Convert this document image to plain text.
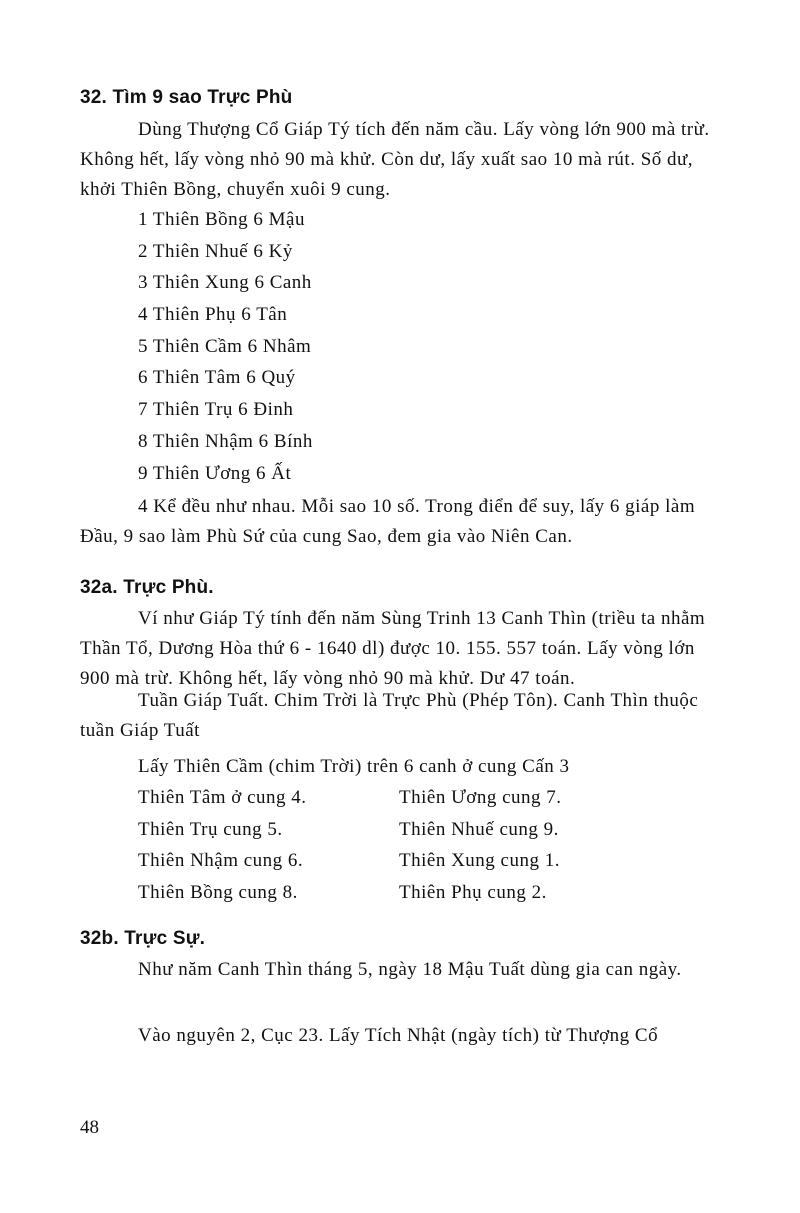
32. Tìm 9 sao Trực Phù

Dùng Thượng Cổ Giáp Tý tích đến năm cầu. Lấy vòng lớn 900 mà trừ. Không hết, lấy vòng nhỏ 90 mà khử. Còn dư, lấy xuất sao 10 mà rút. Số dư, khởi Thiên Bồng, chuyển xuôi 9 cung.

1 Thiên Bồng 6 Mậu
2 Thiên Nhuế 6 Kỷ
3 Thiên Xung 6 Canh
4 Thiên Phụ 6 Tân
5 Thiên Cầm 6 Nhâm
6 Thiên Tâm 6 Quý
7 Thiên Trụ 6 Đinh
8 Thiên Nhậm 6 Bính
9 Thiên Ương 6 Ất

4 Kể đều như nhau. Mỗi sao 10 số. Trong điển để suy, lấy 6 giáp làm Đầu, 9 sao làm Phù Sứ của cung Sao, đem gia vào Niên Can.

32a. Trực Phù.

Ví như Giáp Tý tính đến năm Sùng Trinh 13 Canh Thìn (triều ta nhằm Thần Tổ, Dương Hòa thứ 6 - 1640 dl) được 10. 155. 557 toán. Lấy vòng lớn 900 mà trừ. Không hết, lấy vòng nhỏ 90 mà khử. Dư 47 toán.

Tuần Giáp Tuất. Chim Trời là Trực Phù (Phép Tôn). Canh Thìn thuộc tuần Giáp Tuất

Lấy Thiên Cầm (chim Trời) trên 6 canh ở cung Cấn 3
Thiên Tâm ở cung 4.	Thiên Ương cung 7.
Thiên Trụ cung 5.	Thiên Nhuế cung 9.
Thiên Nhậm cung 6.	Thiên Xung cung 1.
Thiên Bồng cung 8.	Thiên Phụ cung 2.
32b. Trực Sự.

Như năm Canh Thìn tháng 5, ngày 18 Mậu Tuất dùng gia can ngày.

Vào nguyên 2, Cục 23. Lấy Tích Nhật (ngày tích) từ Thượng Cổ

48
